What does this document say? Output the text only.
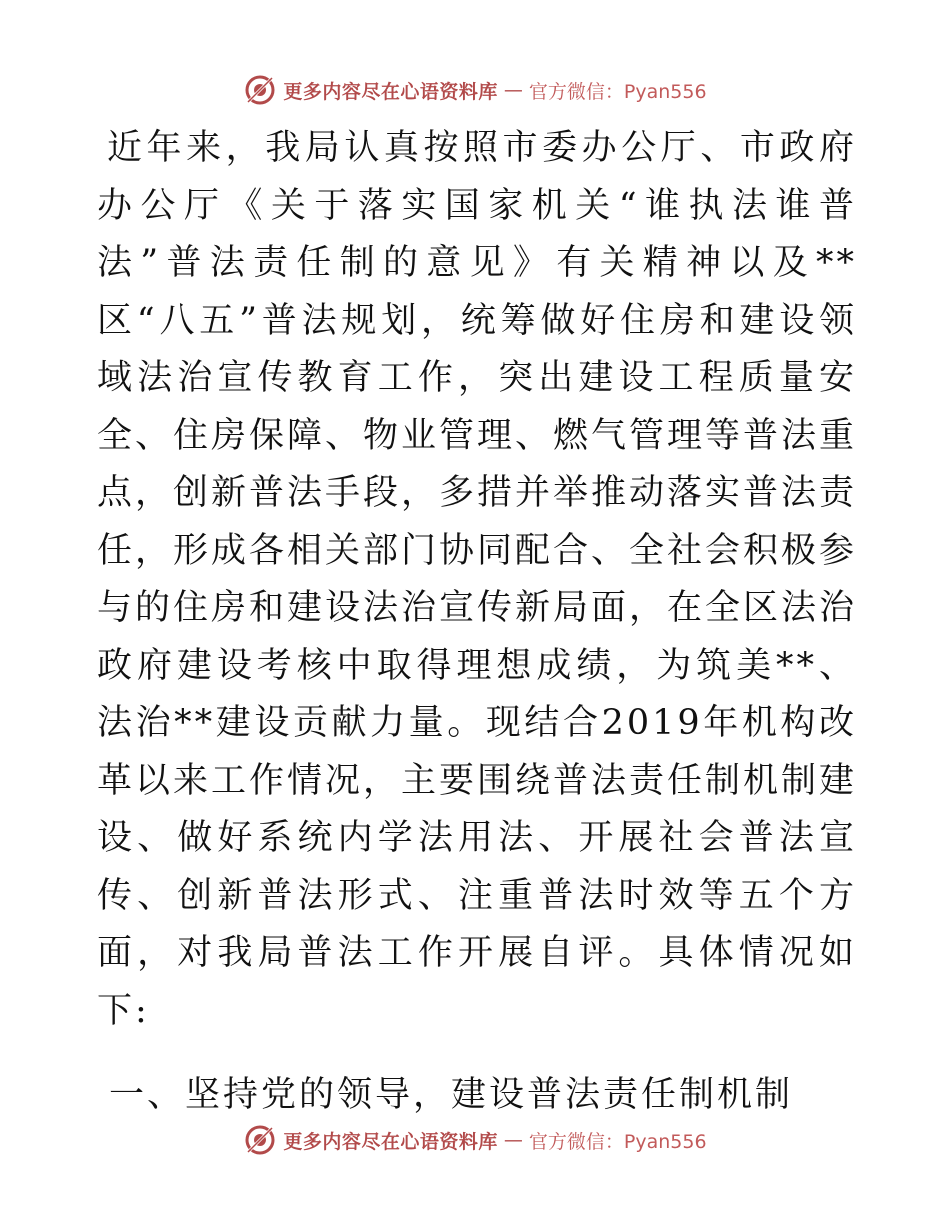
更多内容尽在心语资料库 — 官方微信：Pyan556

近年来，我局认真按照市委办公厅、市政府办公厅《关于落实国家机关“谁执法谁普法”普法责任制的意见》有关精神以及**区“八五”普法规划，统筹做好住房和建设领域法治宣传教育工作，突出建设工程质量安全、住房保障、物业管理、燃气管理等普法重点，创新普法手段，多措并举推动落实普法责任，形成各相关部门协同配合、全社会积极参与的住房和建设法治宣传新局面，在全区法治政府建设考核中取得理想成绩，为筑美**、法治**建设贡献力量。现结合2019年机构改革以来工作情况，主要围绕普法责任制机制建设、做好系统内学法用法、开展社会普法宣传、创新普法形式、注重普法时效等五个方面，对我局普法工作开展自评。具体情况如下:

一、坚持党的领导，建设普法责任制机制

更多内容尽在心语资料库 — 官方微信：Pyan556
